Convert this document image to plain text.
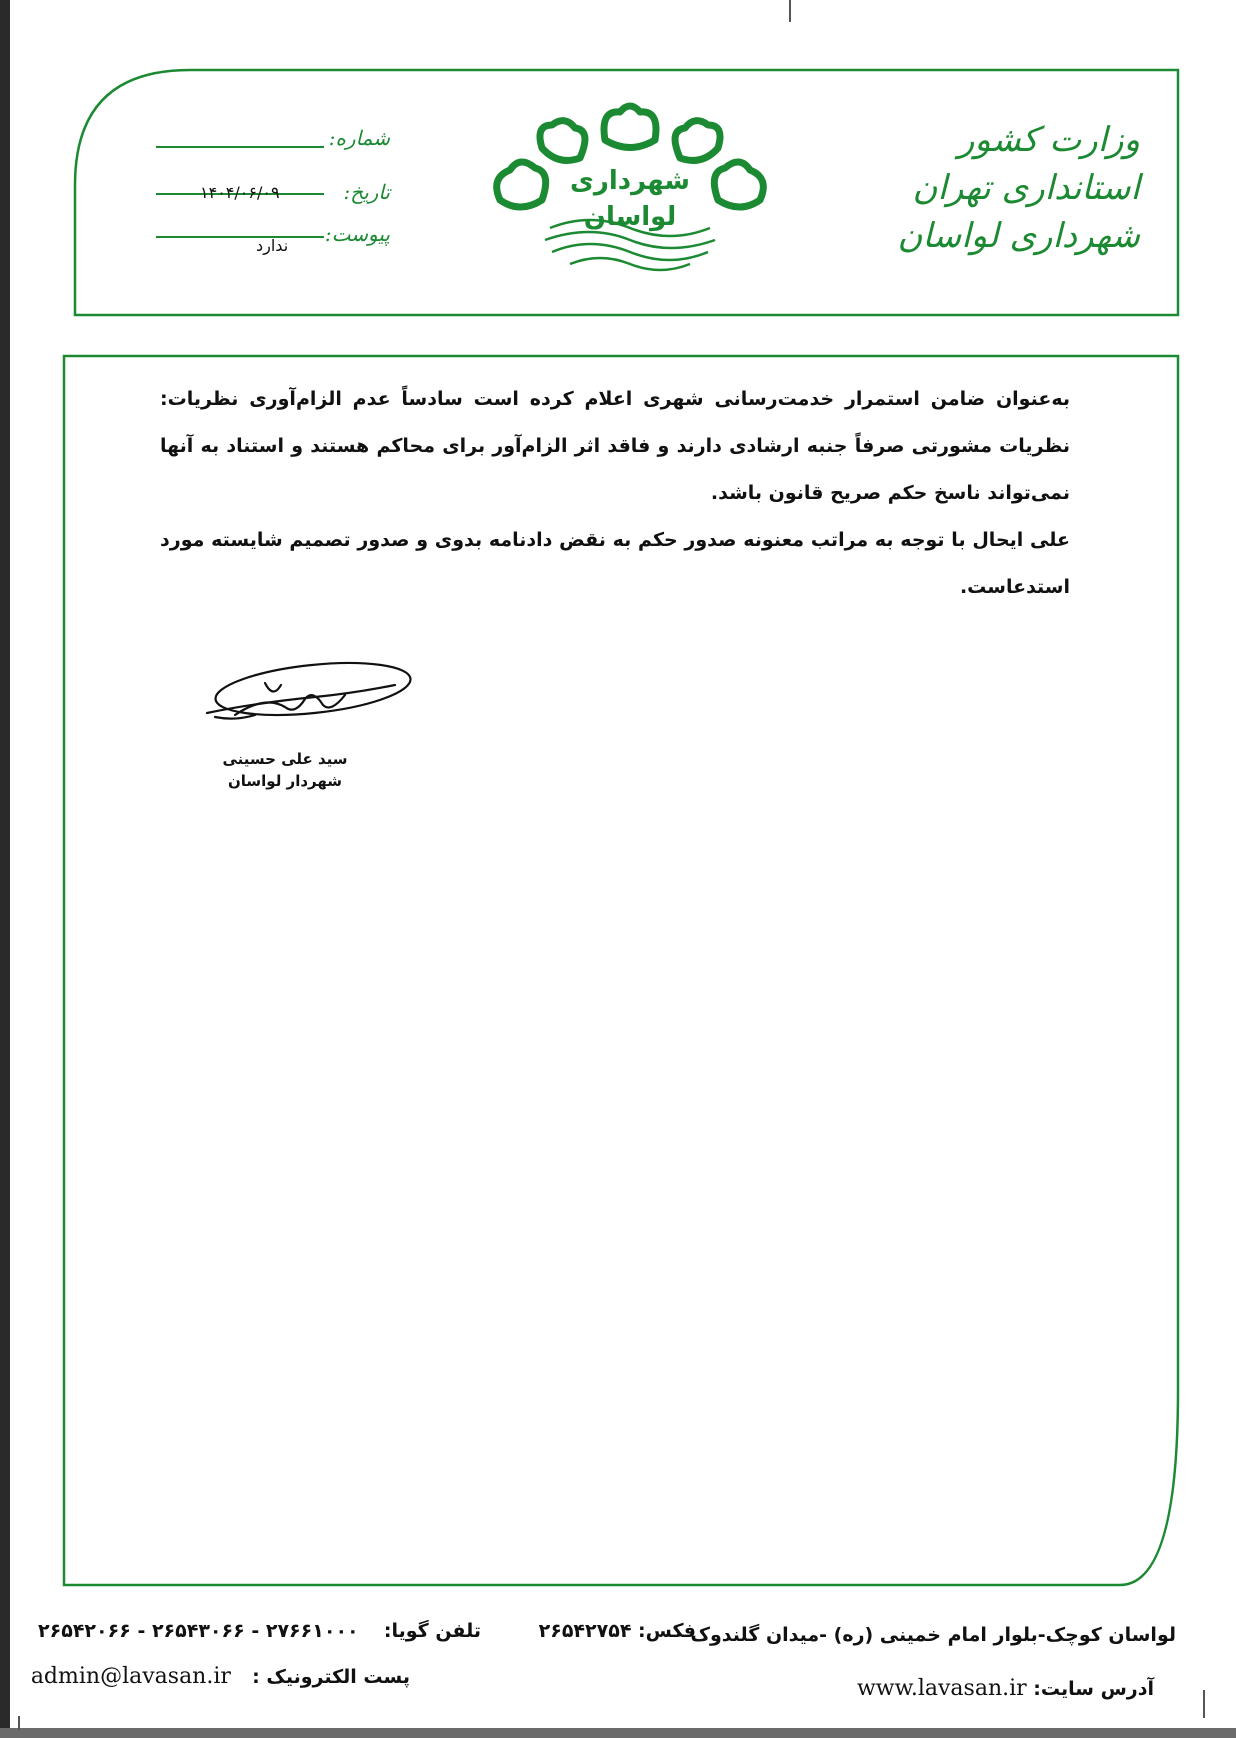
وزارت کشور
استانداری تهران
شهرداری لواسان
شهرداری
لواسان
شماره:
تاریخ:
۱۴۰۴/۰۶/۰۹
پیوست:
ندارد

به‌عنوان ضامن استمرار خدمت‌رسانی شهری اعلام کرده است سادساً عدم الزام‌آوری نظریات: نظریات مشورتی صرفاً جنبه ارشادی دارند و فاقد اثر الزام‌آور برای محاکم هستند و استناد به آنها نمی‌تواند ناسخ حکم صریح قانون باشد.

علی ایحال با توجه به مراتب معنونه صدور حکم به نقض دادنامه بدوی و صدور تصمیم شایسته مورد استدعاست.

سید علی حسینی
شهردار لواسان
لواسان کوچک-بلوار امام خمینی (ره) -میدان گلندوک
فکس: ۲۶۵۴۲۷۵۴
تلفن گویا:  ۲۷۶۶۱۰۰۰ - ۲۶۵۴۳۰۶۶ - ۲۶۵۴۲۰۶۶
آدرس سایت: www.lavasan.ir
پست الکترونیک :  admin@lavasan.ir
